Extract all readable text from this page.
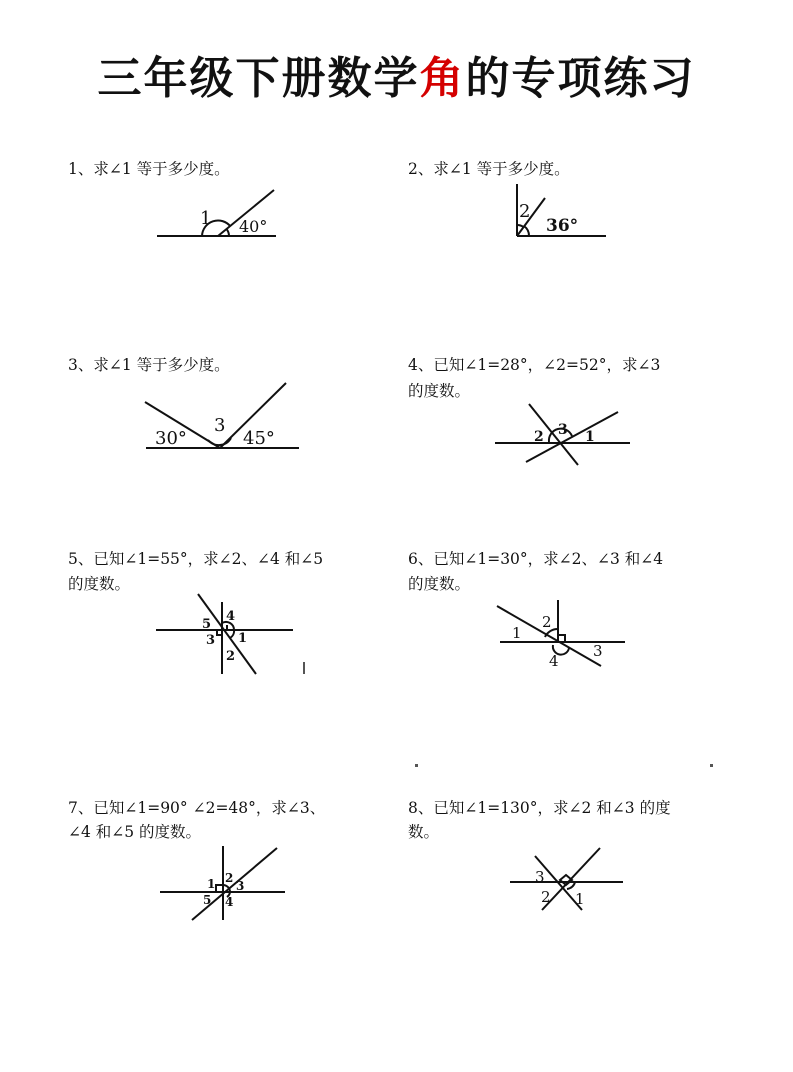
三年级下册数学角的专项练习
1、求∠1 等于多少度。
1 40°
2、求∠1 等于多少度。
2
36°
3、求∠1 等于多少度。
30°
3
45°
4、已知∠1=28°，∠2=52°，求∠3
的度数。
2 3 1
5、已知∠1=55°，求∠2、∠4 和∠5
的度数。
5
4
3 1
2
6、已知∠1=30°，求∠2、∠3 和∠4
的度数。
2
1
4
3
7、已知∠1=90° ∠2=48°，求∠3、
∠4 和∠5 的度数。
1 2
3
5 4
8、已知∠1=130°，求∠2 和∠3 的度
数。
3
2 1
